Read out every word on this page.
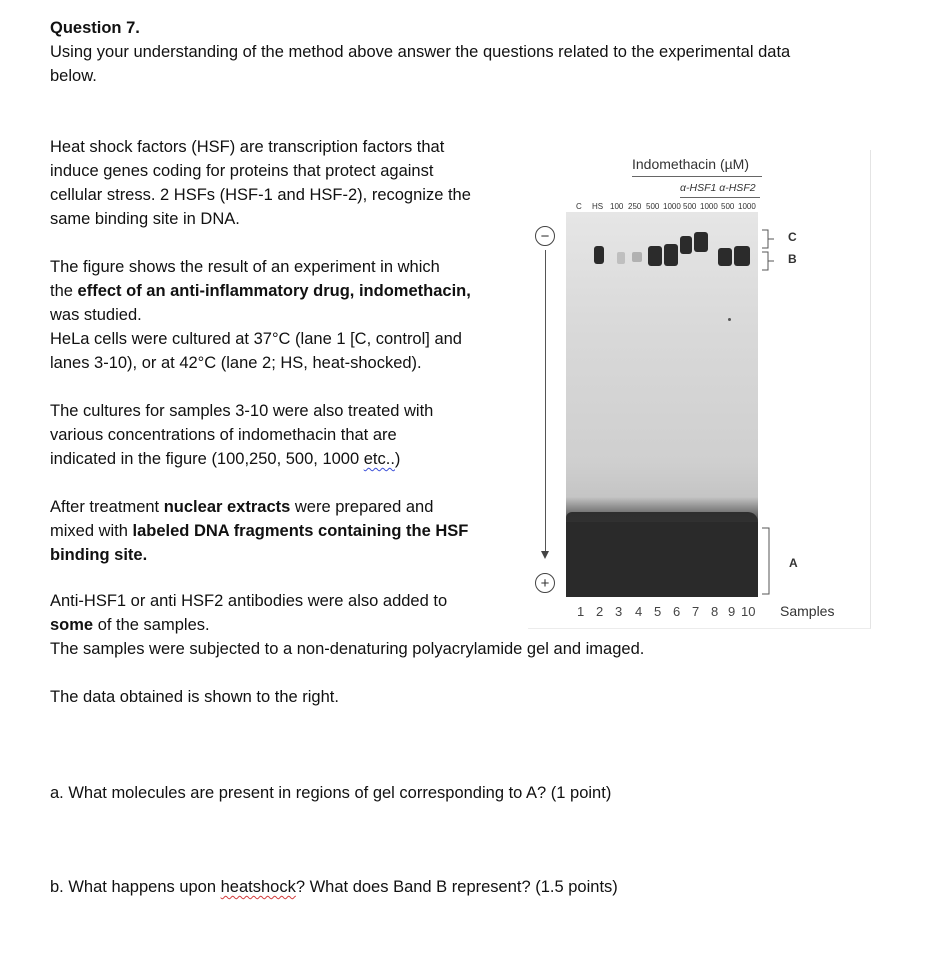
Question 7.
Using your understanding of the method above answer the questions related to the experimental data
below.
Heat shock factors (HSF) are transcription factors that
induce genes coding for proteins that protect against
cellular stress. 2 HSFs (HSF-1 and HSF-2), recognize the
same binding site in DNA.
The figure shows the result of an experiment in which
the effect of an anti-inflammatory drug, indomethacin,
was studied.
HeLa cells were cultured at 37°C (lane 1 [C, control] and
lanes 3-10), or at 42°C (lane 2; HS, heat-shocked).
The cultures for samples 3-10 were also treated with
various concentrations of indomethacin that are
indicated in the figure (100,250, 500, 1000 etc..)
After treatment nuclear extracts were prepared and
mixed with labeled DNA fragments containing the HSF
binding site.
Anti-HSF1 or anti HSF2 antibodies were also added to
some of the samples.
The samples were subjected to a non-denaturing polyacrylamide gel and imaged.
The data obtained is shown to the right.
a. What molecules are present in regions of gel corresponding to A? (1 point)
b. What happens upon heatshock? What does Band B represent? (1.5 points)
Indomethacin (µM)
α-HSF1 α-HSF2
C HS 100 250 500 1000 500 1000 500 1000
−
+
C
B
A
1 2 3 4 5 6 7 8 9 10 Samples
